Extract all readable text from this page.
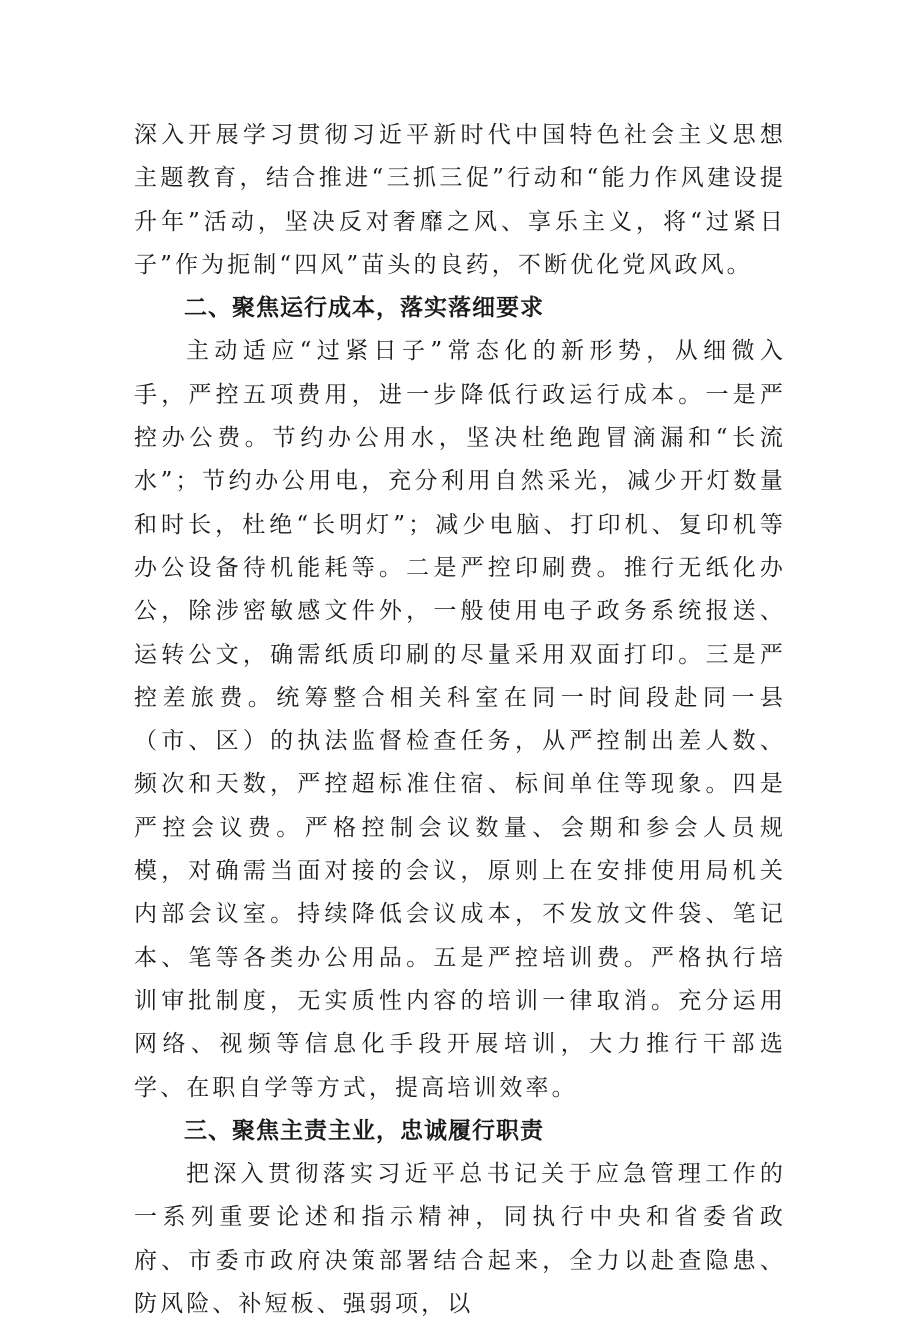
深入开展学习贯彻习近平新时代中国特色社会主义思想主题教育，结合推进“三抓三促”行动和“能力作风建设提升年”活动，坚决反对奢靡之风、享乐主义，将“过紧日子”作为扼制“四风”苗头的良药，不断优化党风政风。

二、聚焦运行成本，落实落细要求

主动适应“过紧日子”常态化的新形势，从细微入手，严控五项费用，进一步降低行政运行成本。一是严控办公费。节约办公用水，坚决杜绝跑冒滴漏和“长流水”；节约办公用电，充分利用自然采光，减少开灯数量和时长，杜绝“长明灯”；减少电脑、打印机、复印机等办公设备待机能耗等。二是严控印刷费。推行无纸化办公，除涉密敏感文件外，一般使用电子政务系统报送、运转公文，确需纸质印刷的尽量采用双面打印。三是严控差旅费。统筹整合相关科室在同一时间段赴同一县（市、区）的执法监督检查任务，从严控制出差人数、频次和天数，严控超标准住宿、标间单住等现象。四是严控会议费。严格控制会议数量、会期和参会人员规模，对确需当面对接的会议，原则上在安排使用局机关内部会议室。持续降低会议成本，不发放文件袋、笔记本、笔等各类办公用品。五是严控培训费。严格执行培训审批制度，无实质性内容的培训一律取消。充分运用网络、视频等信息化手段开展培训，大力推行干部选学、在职自学等方式，提高培训效率。

三、聚焦主责主业，忠诚履行职责

把深入贯彻落实习近平总书记关于应急管理工作的一系列重要论述和指示精神，同执行中央和省委省政府、市委市政府决策部署结合起来，全力以赴查隐患、防风险、补短板、强弱项，以
